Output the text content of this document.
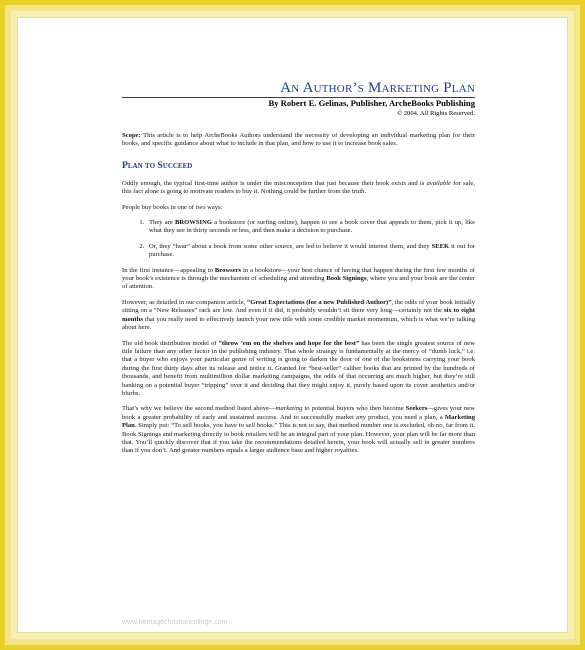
An Author’s Marketing Plan
By Robert E. Gelinas, Publisher, ArcheBooks Publishing
© 2004. All Rights Reserved.

Scope: This article is to help ArcheBooks Authors understand the necessity of developing an individual marketing plan for their books, and specific guidance about what to include in that plan, and how to use it to increase book sales.

Plan to Succeed

Oddly enough, the typical first-time author is under the misconception that just because their book exists and is available for sale, this fact alone is going to motivate readers to buy it. Nothing could be further from the truth.

People buy books in one of two ways:

1. They are BROWSING a bookstore (or surfing online), happen to see a book cover that appeals to them, pick it up, like what they see in thirty seconds or less, and then make a decision to purchase.
2. Or, they “hear” about a book from some other source, are led to believe it would interest them, and they SEEK it out for purchase.

In the first instance—appealing to Browsers in a bookstore—your best chance of having that happen during the first few months of your book’s existence is through the mechanism of scheduling and attending Book Signings, where you and your book are the center of attention.

However, as detailed in our companion article, “Great Expectations (for a new Published Author)”, the odds of your book initially sitting on a “New Releases” rack are low. And even if it did, it probably wouldn’t sit there very long—certainly not the six to eight months that you really need to effectively launch your new title with some credible market momentum, which is what we’re talking about here.

The old book distribution model of “throw ’em on the shelves and hope for the best” has been the single greatest source of new title failure than any other factor in the publishing industry. That whole strategy is fundamentally at the mercy of “dumb luck,” i.e. that a buyer who enjoys your particular genre of writing is going to darken the door of one of the bookstores carrying your book during the first thirty days after its release and notice it. Granted for “best-seller” caliber books that are printed by the hundreds of thousands, and benefit from multimillion dollar marketing campaigns, the odds of that occurring are much higher, but they’re still banking on a potential buyer “tripping” over it and deciding that they might enjoy it, purely based upon its cover aesthetics and/or blurbs.

That’s why we believe the second method listed above—marketing to potential buyers who then become Seekers—gives your new book a greater probability of early and sustained success. And to successfully market any product, you need a plan, a Marketing Plan. Simply put: “To sell books, you have to sell books.” This is not to say, that method number one is excluded, oh no, far from it. Book Signings and marketing directly to book retailers will be an integral part of your plan. However, your plan will be far more than that. You’ll quickly discover that if you take the recommendations detailed herein, your book will actually sell in greater numbers than if you don’t. And greater numbers equals a larger audience base and higher royalties.

www.heritagechristiancollege.com
